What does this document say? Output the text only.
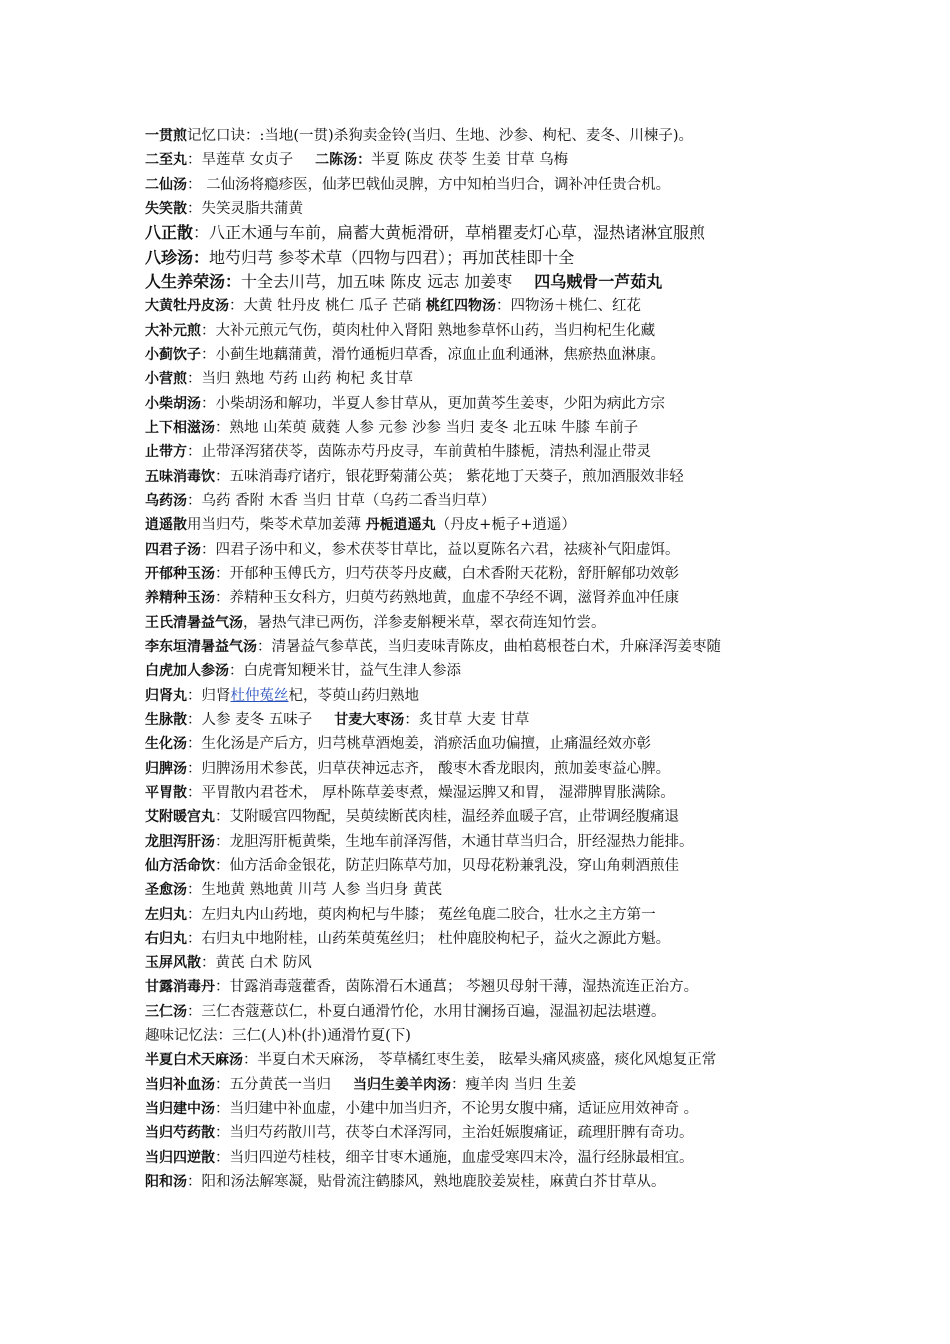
一贯煎记忆口诀：:当地(一贯)杀狗卖金铃(当归、生地、沙参、枸杞、麦冬、川楝子)。
二至丸：旱莲草 女贞子 二陈汤：半夏 陈皮 茯苓 生姜 甘草 乌梅
二仙汤： 二仙汤将瘾疹医，仙茅巴戟仙灵脾，方中知柏当归合，调补冲任贵合机。
失笑散：失笑灵脂共蒲黄
八正散：八正木通与车前，扁蓄大黄栀滑研，草梢瞿麦灯心草，湿热诸淋宜服煎
八珍汤：地芍归芎 参苓术草（四物与四君）；再加芪桂即十全
人生养荣汤：十全去川芎，加五味 陈皮 远志 加姜枣 四乌贼骨一芦茹丸
大黄牡丹皮汤：大黄 牡丹皮 桃仁 瓜子 芒硝 桃红四物汤：四物汤＋桃仁、红花
大补元煎：大补元煎元气伤，萸肉杜仲入肾阳 熟地参草怀山药，当归枸杞生化藏
小蓟饮子：小蓟生地藕蒲黄，滑竹通栀归草香，凉血止血利通淋，焦瘀热血淋康。
小营煎：当归 熟地 芍药 山药 枸杞 炙甘草
小柴胡汤：小柴胡汤和解功，半夏人参甘草从，更加黄芩生姜枣，少阳为病此方宗
上下相滋汤：熟地 山茱萸 葳蕤 人参 元参 沙参 当归 麦冬 北五味 牛膝 车前子
止带方：止带泽泻猪茯苓，茵陈赤芍丹皮寻，车前黄柏牛膝栀，清热利湿止带灵
五味消毒饮：五味消毒疗诸疔，银花野菊蒲公英； 紫花地丁天葵子，煎加酒服效非轻
乌药汤：乌药 香附 木香 当归 甘草（乌药二香当归草）
逍遥散用当归芍，柴苓术草加姜薄 丹栀逍遥丸（丹皮+栀子+逍遥）
四君子汤：四君子汤中和义，参术茯苓甘草比，益以夏陈名六君，祛痰补气阳虚饵。
开郁种玉汤：开郁种玉傅氏方，归芍茯苓丹皮藏，白术香附天花粉，舒肝解郁功效彰
养精种玉汤：养精种玉女科方，归萸芍药熟地黄，血虚不孕经不调，滋肾养血冲任康
王氏清暑益气汤，暑热气津已两伤，洋参麦斛粳米草，翠衣荷连知竹尝。
李东垣清暑益气汤：清暑益气参草芪，当归麦味青陈皮，曲柏葛根苍白术，升麻泽泻姜枣随
白虎加人参汤：白虎膏知粳米甘，益气生津人参添
归肾丸：归肾杜仲菟丝杞，苓萸山药归熟地
生脉散：人参 麦冬 五味子 甘麦大枣汤：炙甘草 大麦 甘草
生化汤：生化汤是产后方，归芎桃草酒炮姜，消瘀活血功偏擅，止痛温经效亦彰
归脾汤：归脾汤用术参芪，归草茯神远志齐， 酸枣木香龙眼肉，煎加姜枣益心脾。
平胃散：平胃散内君苍术， 厚朴陈草姜枣煮，燥湿运脾又和胃， 湿滞脾胃胀满除。
艾附暖宫丸：艾附暖宫四物配，吴萸续断芪肉桂，温经养血暖子宫，止带调经腹痛退
龙胆泻肝汤：龙胆泻肝栀黄柴，生地车前泽泻偕，木通甘草当归合，肝经湿热力能排。
仙方活命饮：仙方活命金银花，防芷归陈草芍加，贝母花粉兼乳没，穿山角刺酒煎佳
圣愈汤：生地黄 熟地黄 川芎 人参 当归身 黄芪
左归丸：左归丸内山药地，萸肉枸杞与牛膝； 菟丝龟鹿二胶合，壮水之主方第一
右归丸：右归丸中地附桂，山药茱萸菟丝归； 杜仲鹿胶枸杞子，益火之源此方魁。
玉屏风散：黄芪 白术 防风
甘露消毒丹：甘露消毒蔻藿香，茵陈滑石木通菖； 芩翘贝母射干薄，湿热流连正治方。
三仁汤：三仁杏蔻薏苡仁，朴夏白通滑竹伦，水用甘澜扬百遍，湿温初起法堪遵。
趣味记忆法：三仁(人)朴(扑)通滑竹夏(下)
半夏白术天麻汤：半夏白术天麻汤， 苓草橘红枣生姜， 眩晕头痛风痰盛，痰化风熄复正常
当归补血汤：五分黄芪一当归 当归生姜羊肉汤：瘦羊肉 当归 生姜
当归建中汤：当归建中补血虚，小建中加当归齐，不论男女腹中痛，适证应用效神奇 。
当归芍药散：当归芍药散川芎，茯苓白术泽泻同，主治妊娠腹痛证，疏理肝脾有奇功。
当归四逆散：当归四逆芍桂枝，细辛甘枣木通施，血虚受寒四末冷，温行经脉最相宜。
阳和汤：阳和汤法解寒凝，贴骨流注鹤膝风，熟地鹿胶姜炭桂，麻黄白芥甘草从。
